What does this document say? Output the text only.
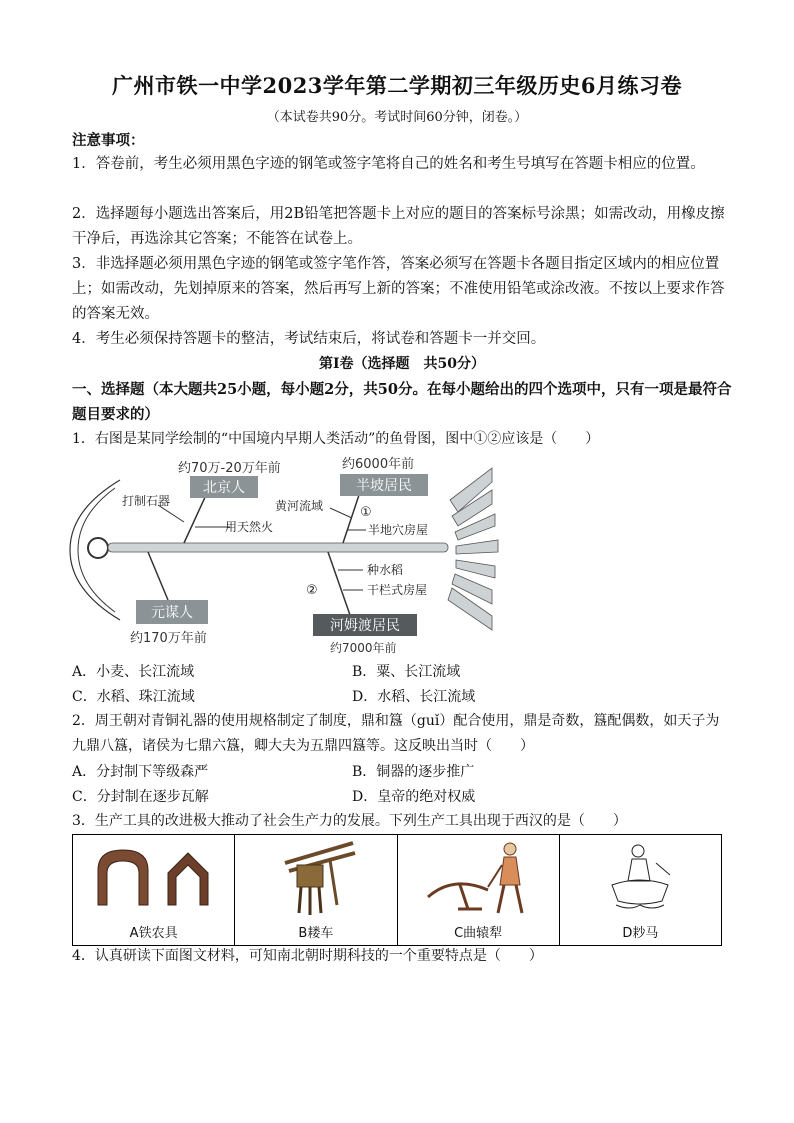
广州市铁一中学2023学年第二学期初三年级历史6月练习卷
（本试卷共90分。考试时间60分钟，闭卷。）
注意事项：
1．答卷前，考生必须用黑色字迹的钢笔或签字笔将自己的姓名和考生号填写在答题卡相应的位置。
2．选择题每小题选出答案后，用2B铅笔把答题卡上对应的题目的答案标号涂黑；如需改动，用橡皮擦干净后，再选涂其它答案；不能答在试卷上。
3．非选择题必须用黑色字迹的钢笔或签字笔作答，答案必须写在答题卡各题目指定区域内的相应位置上；如需改动，先划掉原来的答案，然后再写上新的答案；不准使用铅笔或涂改液。不按以上要求作答的答案无效。
4．考生必须保持答题卡的整洁，考试结束后，将试卷和答题卡一并交回。
第I卷（选择题　共50分）
一、选择题（本大题共25小题，每小题2分，共50分。在每小题给出的四个选项中，只有一项是最符合题目要求的）
1．右图是某同学绘制的“中国境内早期人类活动”的鱼骨图，图中①②应该是（　　）
约70万-20万年前
北京人
约6000年前
半坡居民
打制石器
用天然火
黄河流域	①
半地穴房屋
种水稻
②	干栏式房屋
元谋人
约170万年前
河姆渡居民
约7000年前
A．小麦、长江流域	B．粟、长江流域
C．水稻、珠江流域	D．水稻、长江流域
2．周王朝对青铜礼器的使用规格制定了制度，鼎和簋（guǐ）配合使用，鼎是奇数，簋配偶数，如天子为九鼎八簋，诸侯为七鼎六簋，卿大夫为五鼎四簋等。这反映出当时（　　）
A．分封制下等级森严	B．铜器的逐步推广
C．分封制在逐步瓦解	D．皇帝的绝对权威
3．生产工具的改进极大推动了社会生产力的发展。下列生产工具出现于西汉的是（　　）
A铁农具	B耧车	C曲辕犁	D耖马
4．认真研读下面图文材料，可知南北朝时期科技的一个重要特点是（　　）
